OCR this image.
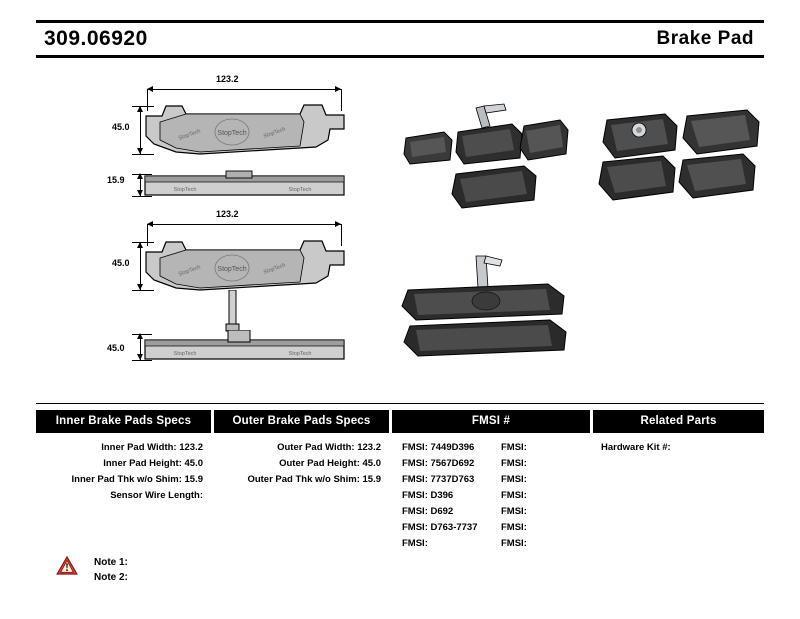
309.06920	Brake Pad
123.2
45.0
StopTech
StopTech	StopTech
15.9
StopTech	StopTech
123.2
45.0
StopTech
StopTech	StopTech
45.0
StopTech	StopTech
Inner Brake Pads Specs
Inner Pad Width: 123.2
Inner Pad Height: 45.0
Inner Pad Thk w/o Shim: 15.9
Sensor Wire Length:
Outer Brake Pads Specs
Outer Pad Width: 123.2
Outer Pad Height: 45.0
Outer Pad Thk w/o Shim: 15.9
FMSI #
FMSI: 7449D396
FMSI: 7567D692
FMSI: 7737D763
FMSI: D396
FMSI: D692
FMSI: D763-7737
FMSI:
FMSI:
FMSI:
FMSI:
FMSI:
FMSI:
FMSI:
FMSI:
Related Parts
Hardware Kit #:
Note 1:
Note 2:
